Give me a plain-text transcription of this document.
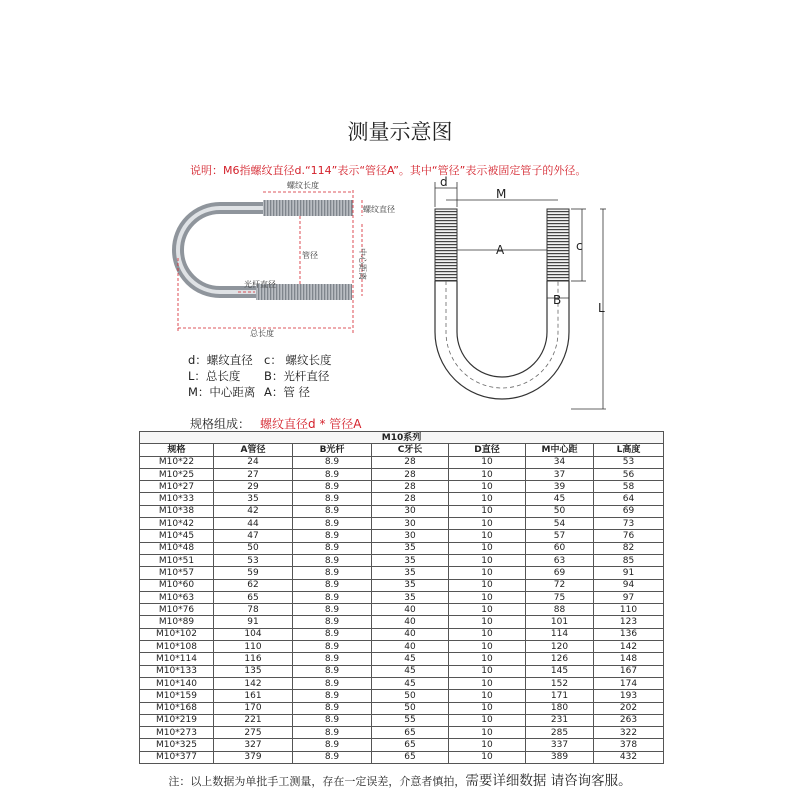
测量示意图
说明：M6指螺纹直径d.“114”表示“管径A”。其中“管径”表示被固定管子的外径。
螺纹长度
螺纹直径
管径	中心距离
光杆直径
总长度
d
M
A	c
B
L
d：螺纹直径 c： 螺纹长度
L：总长度	B：光杆直径
M：中心距离 A：管 径
规格组成： 螺纹直径d * 管径A
M10系列						
规格	A管径	B光杆	C牙长	D直径	M中心距	L高度
M10*22	24	8.9	28	10	34	53
M10*25	27	8.9	28	10	37	56
M10*27	29	8.9	28	10	39	58
M10*33	35	8.9	28	10	45	64
M10*38	42	8.9	30	10	50	69
M10*42	44	8.9	30	10	54	73
M10*45	47	8.9	30	10	57	76
M10*48	50	8.9	35	10	60	82
M10*51	53	8.9	35	10	63	85
M10*57	59	8.9	35	10	69	91
M10*60	62	8.9	35	10	72	94
M10*63	65	8.9	35	10	75	97
M10*76	78	8.9	40	10	88	110
M10*89	91	8.9	40	10	101	123
M10*102	104	8.9	40	10	114	136
M10*108	110	8.9	40	10	120	142
M10*114	116	8.9	45	10	126	148
M10*133	135	8.9	45	10	145	167
M10*140	142	8.9	45	10	152	174
M10*159	161	8.9	50	10	171	193
M10*168	170	8.9	50	10	180	202
M10*219	221	8.9	55	10	231	263
M10*273	275	8.9	65	10	285	322
M10*325	327	8.9	65	10	337	378
M10*377	379	8.9	65	10	389	432
注：以上数据为单批手工测量，存在一定误差，介意者慎拍，需要详细数据 请咨询客服。
